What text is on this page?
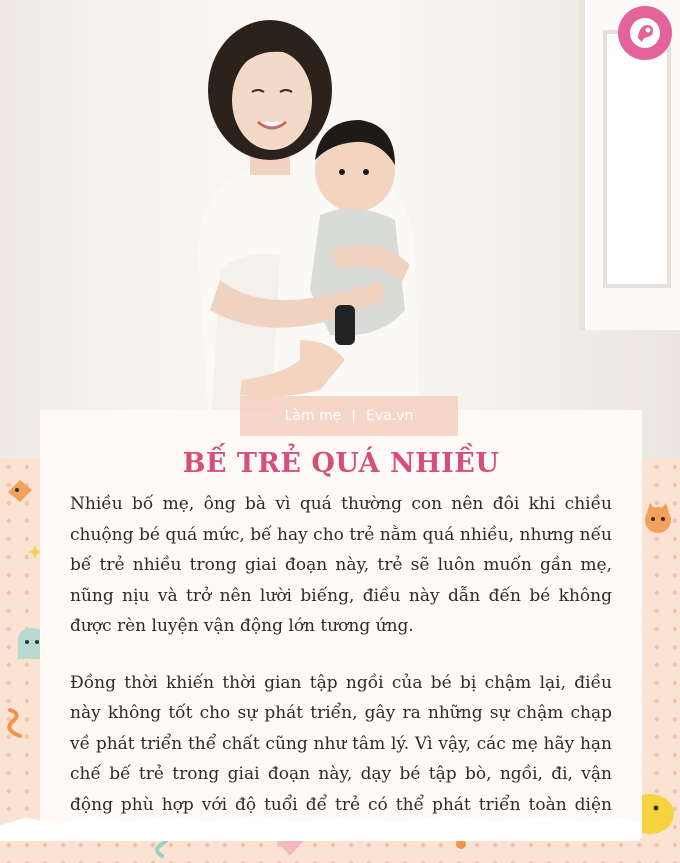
BẾ TRẺ QUÁ NHIỀU

Nhiều bố mẹ, ông bà vì quá thường con nên đôi khi chiều chuộng bé quá mức, bế hay cho trẻ nằm quá nhiều, nhưng nếu bế trẻ nhiều trong giai đoạn này, trẻ sẽ luôn muốn gần mẹ, nũng nịu và trở nên lười biếng, điều này dẫn đến bé không được rèn luyện vận động lớn tương ứng.

Đồng thời khiến thời gian tập ngồi của bé bị chậm lại, điều này không tốt cho sự phát triển, gây ra những sự chậm chạp về phát triển thể chất cũng như tâm lý. Vì vậy, các mẹ hãy hạn chế bế trẻ trong giai đoạn này, dạy bé tập bò, ngồi, đi, vận động phù hợp với độ tuổi để trẻ có thể phát triển toàn diện

Làm mẹ | Eva.vn
